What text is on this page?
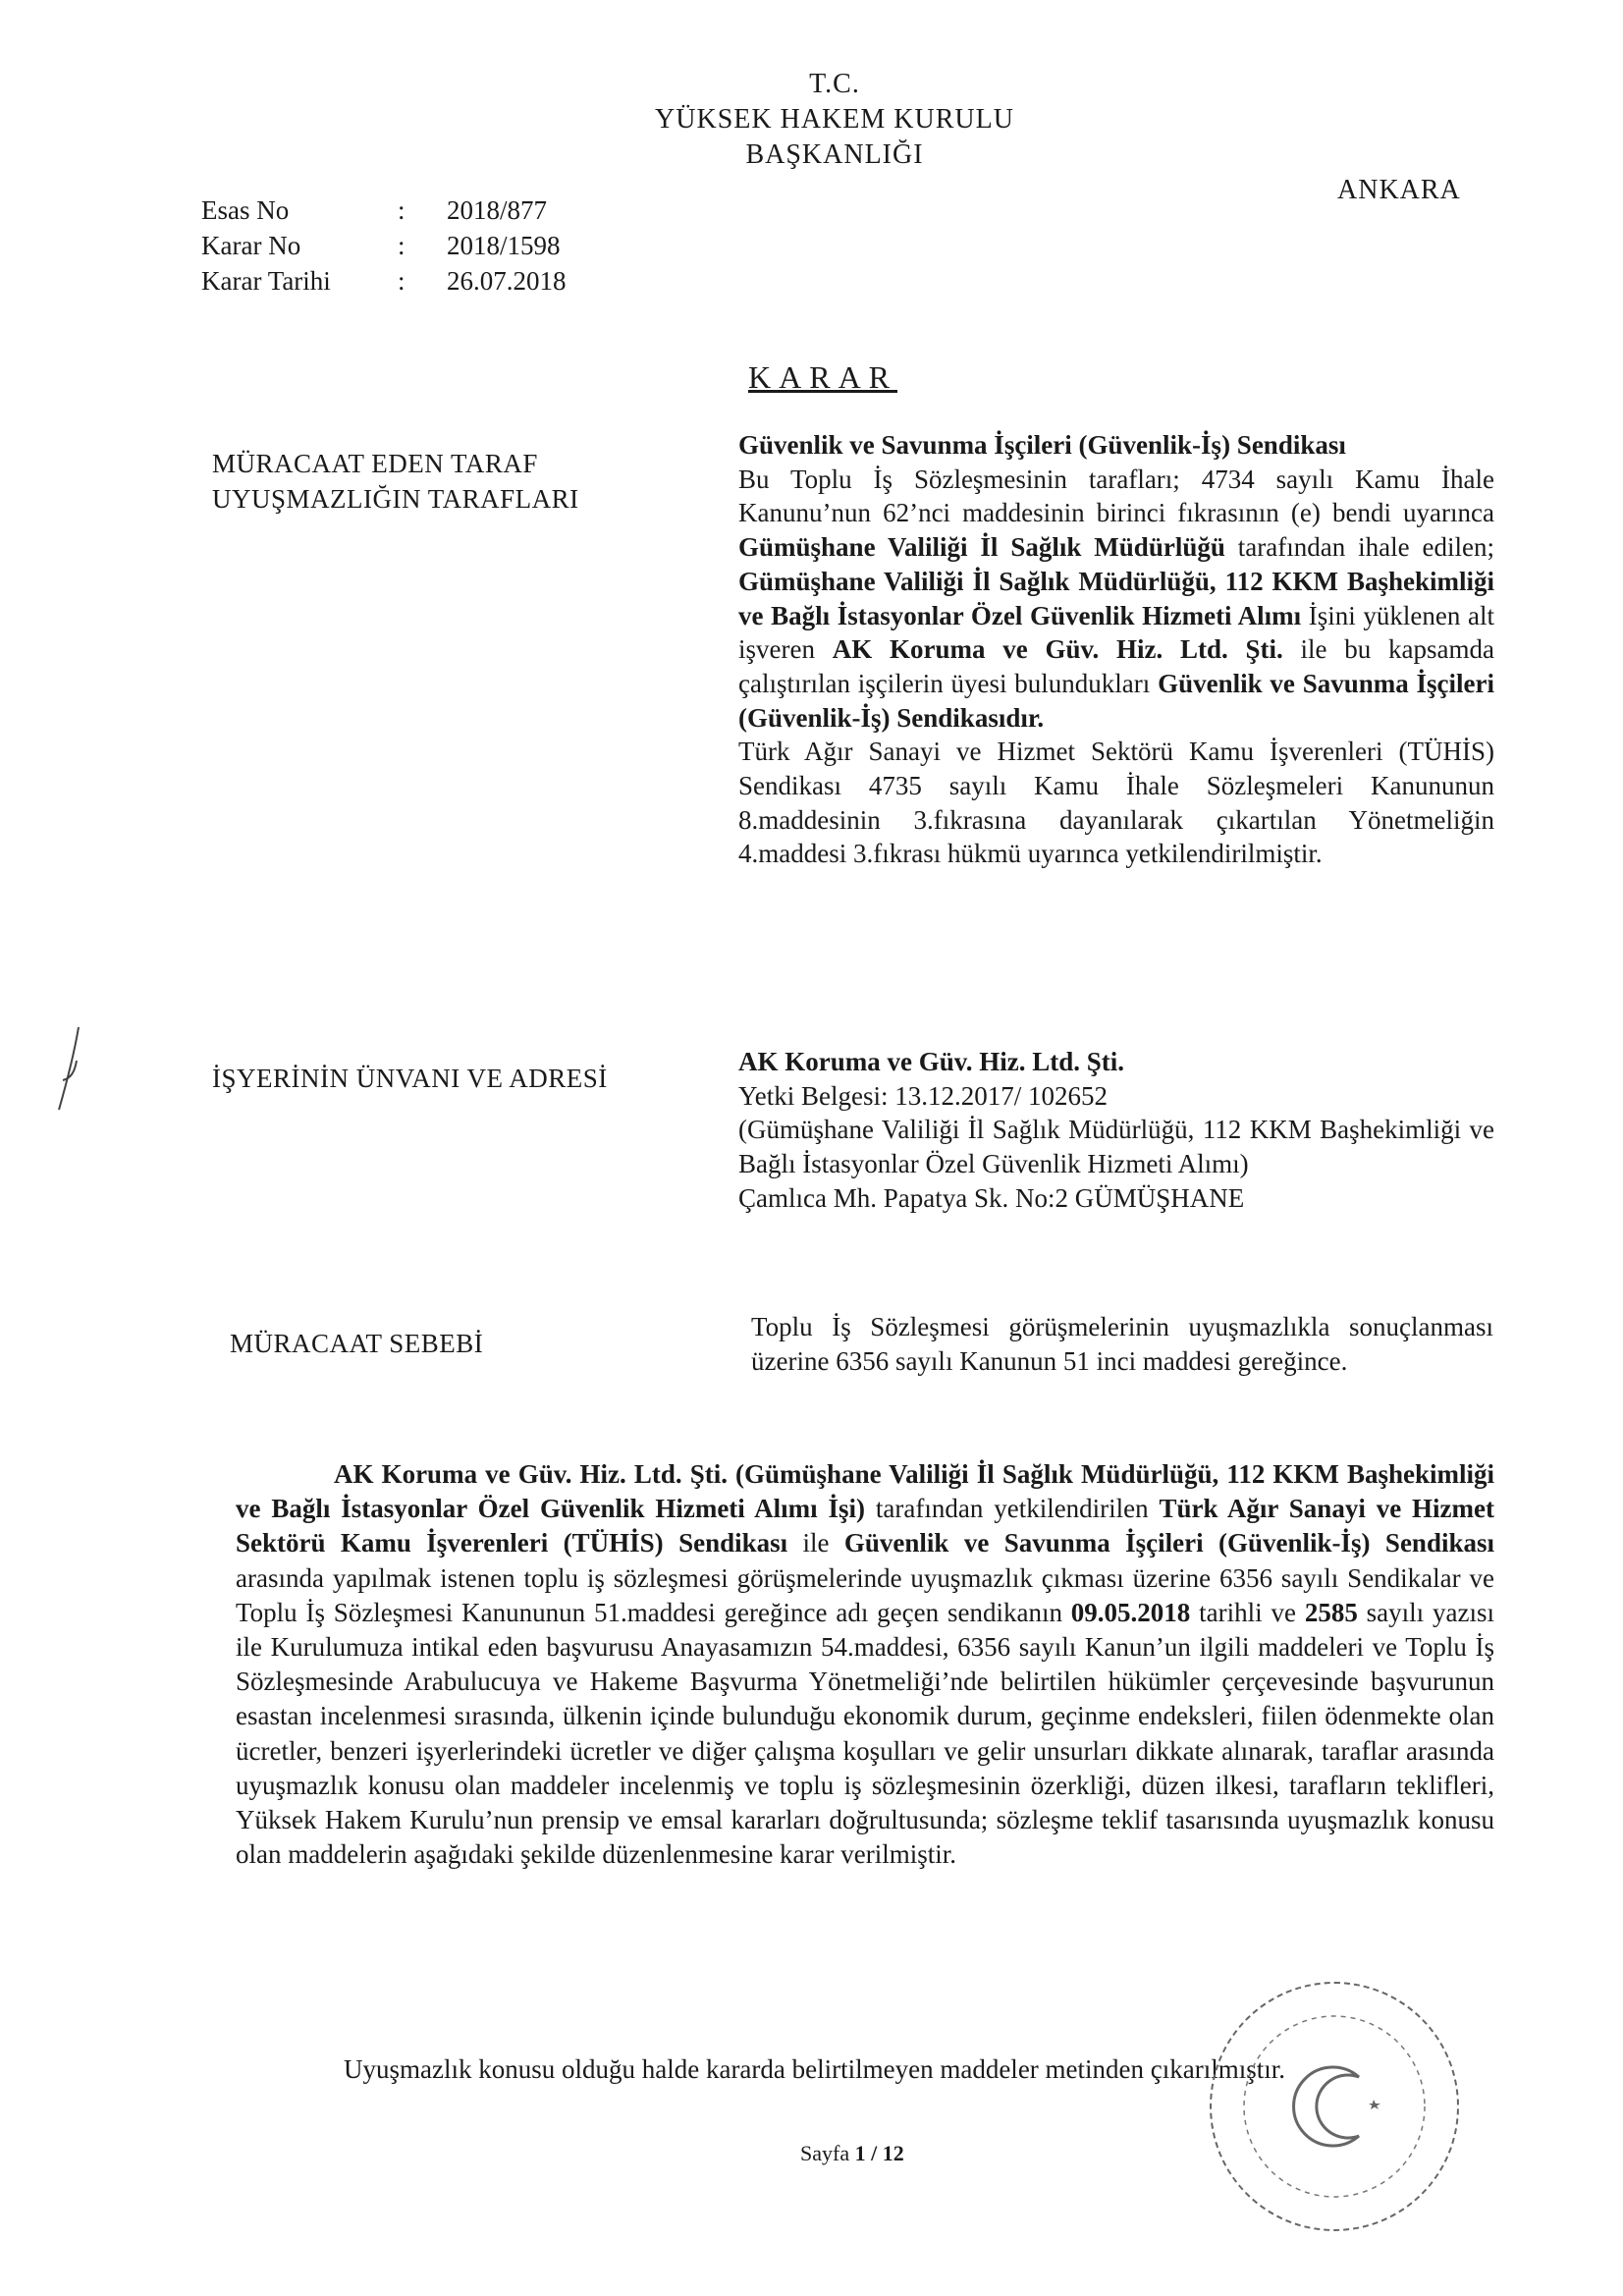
T.C.
YÜKSEK HAKEM KURULU
BAŞKANLIĞI
ANKARA
Esas No	: 2018/877
Karar No	: 2018/1598
Karar Tarihi	: 26.07.2018
KARAR
MÜRACAAT EDEN TARAF
UYUŞMAZLIĞIN TARAFLARI
Güvenlik ve Savunma İşçileri (Güvenlik-İş) Sendikası
Bu Toplu İş Sözleşmesinin tarafları; 4734 sayılı Kamu İhale Kanunu’nun 62’nci maddesinin birinci fıkrasının (e) bendi uyarınca Gümüşhane Valiliği İl Sağlık Müdürlüğü tarafından ihale edilen; Gümüşhane Valiliği İl Sağlık Müdürlüğü, 112 KKM Başhekimliği ve Bağlı İstasyonlar Özel Güvenlik Hizmeti Alımı İşini yüklenen alt işveren AK Koruma ve Güv. Hiz. Ltd. Şti. ile bu kapsamda çalıştırılan işçilerin üyesi bulundukları Güvenlik ve Savunma İşçileri (Güvenlik-İş) Sendikasıdır.
Türk Ağır Sanayi ve Hizmet Sektörü Kamu İşverenleri (TÜHİS) Sendikası 4735 sayılı Kamu İhale Sözleşmeleri Kanununun 8.maddesinin 3.fıkrasına dayanılarak çıkartılan Yönetmeliğin 4.maddesi 3.fıkrası hükmü uyarınca yetkilendirilmiştir.
İŞYERİNİN ÜNVANI VE ADRESİ
AK Koruma ve Güv. Hiz. Ltd. Şti.
Yetki Belgesi: 13.12.2017/ 102652
(Gümüşhane Valiliği İl Sağlık Müdürlüğü, 112 KKM Başhekimliği ve Bağlı İstasyonlar Özel Güvenlik Hizmeti Alımı)
Çamlıca Mh. Papatya Sk. No:2 GÜMÜŞHANE
MÜRACAAT SEBEBİ
Toplu İş Sözleşmesi görüşmelerinin uyuşmazlıkla sonuçlanması üzerine 6356 sayılı Kanunun 51 inci maddesi gereğince.
AK Koruma ve Güv. Hiz. Ltd. Şti. (Gümüşhane Valiliği İl Sağlık Müdürlüğü, 112 KKM Başhekimliği ve Bağlı İstasyonlar Özel Güvenlik Hizmeti Alımı İşi) tarafından yetkilendirilen Türk Ağır Sanayi ve Hizmet Sektörü Kamu İşverenleri (TÜHİS) Sendikası ile Güvenlik ve Savunma İşçileri (Güvenlik-İş) Sendikası arasında yapılmak istenen toplu iş sözleşmesi görüşmelerinde uyuşmazlık çıkması üzerine 6356 sayılı Sendikalar ve Toplu İş Sözleşmesi Kanununun 51.maddesi gereğince adı geçen sendikanın 09.05.2018 tarihli ve 2585 sayılı yazısı ile Kurulumuza intikal eden başvurusu Anayasamızın 54.maddesi, 6356 sayılı Kanun’un ilgili maddeleri ve Toplu İş Sözleşmesinde Arabulucuya ve Hakeme Başvurma Yönetmeliği’nde belirtilen hükümler çerçevesinde başvurunun esastan incelenmesi sırasında, ülkenin içinde bulunduğu ekonomik durum, geçinme endeksleri, fiilen ödenmekte olan ücretler, benzeri işyerlerindeki ücretler ve diğer çalışma koşulları ve gelir unsurları dikkate alınarak, taraflar arasında uyuşmazlık konusu olan maddeler incelenmiş ve toplu iş sözleşmesinin özerkliği, düzen ilkesi, tarafların teklifleri, Yüksek Hakem Kurulu’nun prensip ve emsal kararları doğrultusunda; sözleşme teklif tasarısında uyuşmazlık konusu olan maddelerin aşağıdaki şekilde düzenlenmesine karar verilmiştir.
Uyuşmazlık konusu olduğu halde kararda belirtilmeyen maddeler metinden çıkarılmıştır.
Sayfa 1 / 12
